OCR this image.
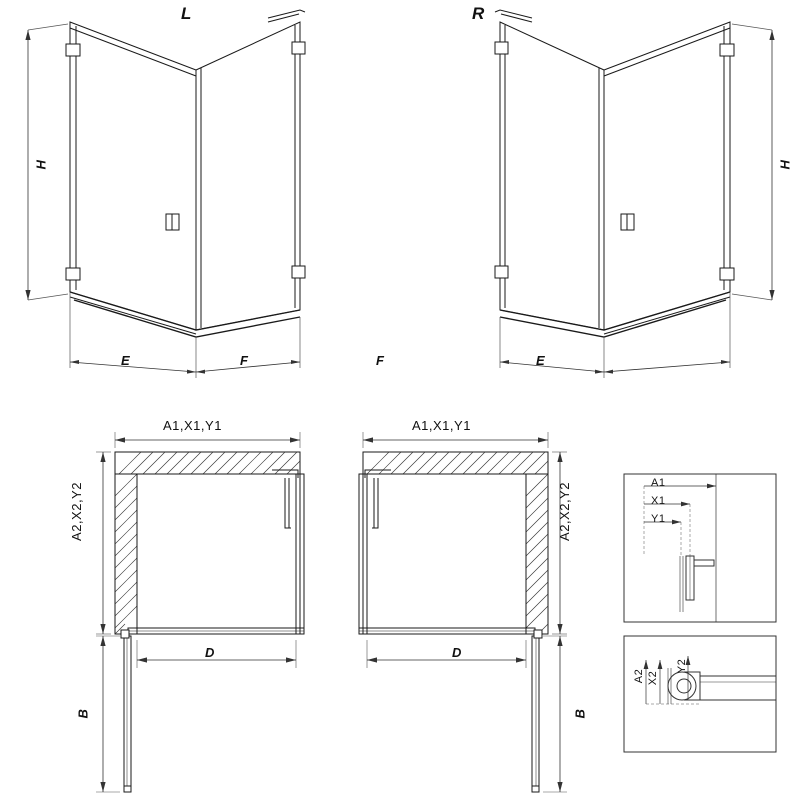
L	R
H	H
E	F	F	E
A1,X1,Y1	A1,X1,Y1
A2,X2,Y2	A2,X2,Y2
D	D
B	B
A1
X1
Y1
A2 X2
Y2
